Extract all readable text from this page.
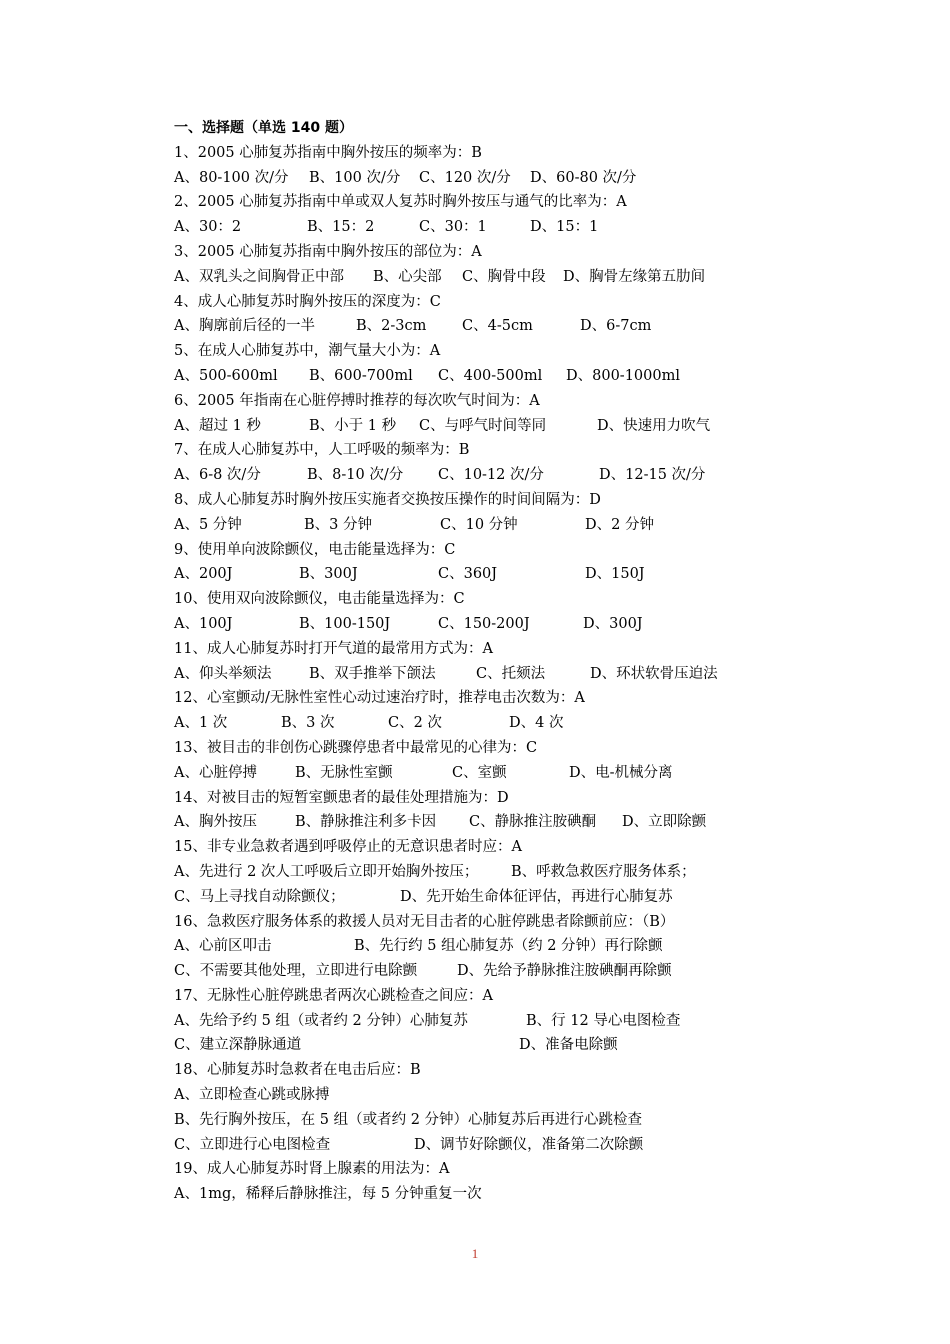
一、选择题（单选 140 题）
1、2005 心肺复苏指南中胸外按压的频率为：B
A、80-100 次/分 B、100 次/分 C、120 次/分 D、60-80 次/分
2、2005 心肺复苏指南中单或双人复苏时胸外按压与通气的比率为：A
A、30：2	B、15：2	C、30：1	D、15：1
3、2005 心肺复苏指南中胸外按压的部位为：A
A、双乳头之间胸骨正中部 B、心尖部 C、胸骨中段 D、胸骨左缘第五肋间
4、成人心肺复苏时胸外按压的深度为：C
A、胸廓前后径的一半	B、2-3cm C、4-5cm	D、6-7cm
5、在成人心肺复苏中，潮气量大小为：A
A、500-600ml B、600-700ml C、400-500ml D、800-1000ml
6、2005 年指南在心脏停搏时推荐的每次吹气时间为：A
A、超过 1 秒	B、小于 1 秒 C、与呼气时间等同	D、快速用力吹气
7、在成人心肺复苏中，人工呼吸的频率为：B
A、6-8 次/分	B、8-10 次/分 C、10-12 次/分	D、12-15 次/分
8、成人心肺复苏时胸外按压实施者交换按压操作的时间间隔为：D
A、5 分钟	B、3 分钟	C、10 分钟	D、2 分钟
9、使用单向波除颤仪，电击能量选择为：C
A、200J	B、300J	C、360J	D、150J
10、使用双向波除颤仪，电击能量选择为：C
A、100J	B、100-150J	C、150-200J	D、300J
11、成人心肺复苏时打开气道的最常用方式为：A
A、仰头举颏法	B、双手推举下颌法	C、托颏法	D、环状软骨压迫法
12、心室颤动/无脉性室性心动过速治疗时，推荐电击次数为：A
A、1 次	B、3 次	C、2 次	D、4 次
13、被目击的非创伤心跳骤停患者中最常见的心律为：C
A、心脏停搏	B、无脉性室颤	C、室颤	D、电-机械分离
14、对被目击的短暂室颤患者的最佳处理措施为：D
A、胸外按压	B、静脉推注利多卡因 C、静脉推注胺碘酮 D、立即除颤
15、非专业急救者遇到呼吸停止的无意识患者时应：A
A、先进行 2 次人工呼吸后立即开始胸外按压； B、呼救急救医疗服务体系；
C、马上寻找自动除颤仪；	D、先开始生命体征评估，再进行心肺复苏
16、急救医疗服务体系的救援人员对无目击者的心脏停跳患者除颤前应：（B）
A、心前区叩击	B、先行约 5 组心肺复苏（约 2 分钟）再行除颤
C、不需要其他处理，立即进行电除颤	D、先给予静脉推注胺碘酮再除颤
17、无脉性心脏停跳患者两次心跳检查之间应：A
A、先给予约 5 组（或者约 2 分钟）心肺复苏	B、行 12 导心电图检查
C、建立深静脉通道	D、准备电除颤
18、心肺复苏时急救者在电击后应：B
A、立即检查心跳或脉搏
B、先行胸外按压，在 5 组（或者约 2 分钟）心肺复苏后再进行心跳检查
C、立即进行心电图检查	D、调节好除颤仪，准备第二次除颤
19、成人心肺复苏时肾上腺素的用法为：A
A、1mg，稀释后静脉推注，每 5 分钟重复一次
1
